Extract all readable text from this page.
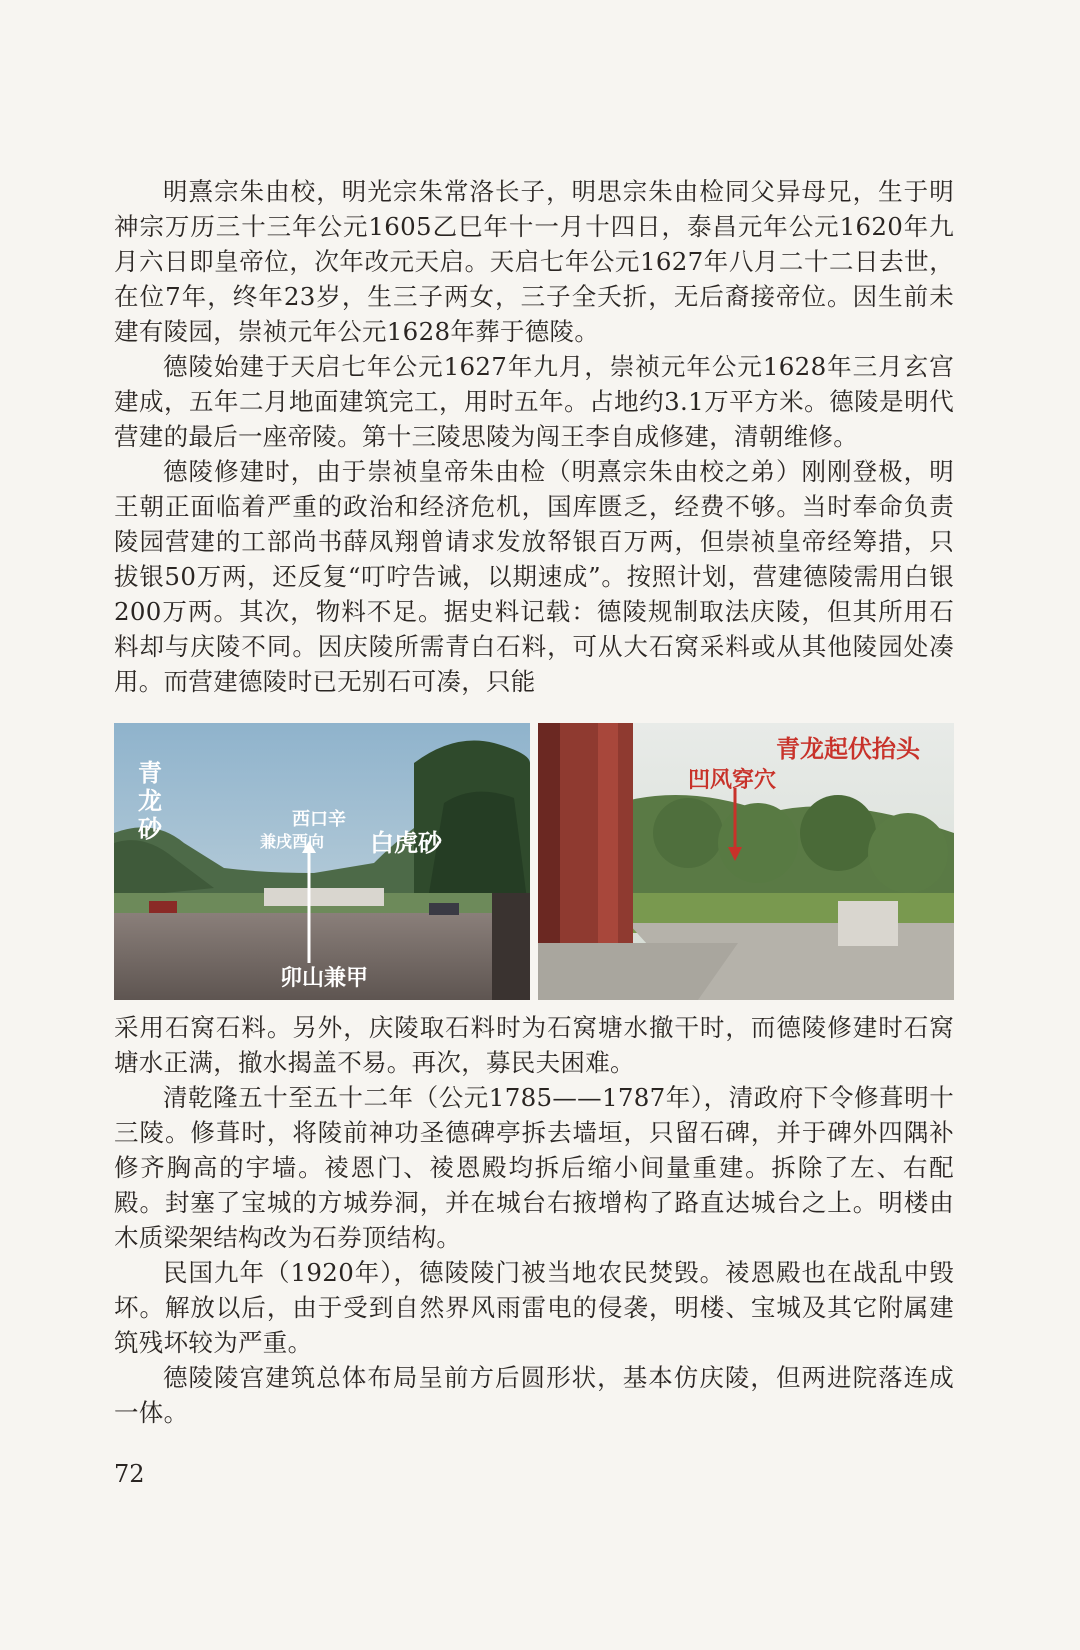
明熹宗朱由校，明光宗朱常洛长子，明思宗朱由检同父异母兄，生于明神宗万历三十三年公元1605乙巳年十一月十四日，泰昌元年公元1620年九月六日即皇帝位，次年改元天启。天启七年公元1627年八月二十二日去世，在位7年，终年23岁，生三子两女，三子全夭折，无后裔接帝位。因生前未建有陵园，崇祯元年公元1628年葬于德陵。

德陵始建于天启七年公元1627年九月，崇祯元年公元1628年三月玄宫建成，五年二月地面建筑完工，用时五年。占地约3.1万平方米。德陵是明代营建的最后一座帝陵。第十三陵思陵为闯王李自成修建，清朝维修。

德陵修建时，由于崇祯皇帝朱由检（明熹宗朱由校之弟）刚刚登极，明王朝正面临着严重的政治和经济危机，国库匮乏，经费不够。当时奉命负责陵园营建的工部尚书薛凤翔曾请求发放帑银百万两，但崇祯皇帝经筹措，只拔银50万两，还反复“叮咛告诫，以期速成”。按照计划，营建德陵需用白银200万两。其次，物料不足。据史料记载：德陵规制取法庆陵，但其所用石料却与庆陵不同。因庆陵所需青白石料，可从大石窝采料或从其他陵园处凑用。而营建德陵时已无别石可凑，只能

青龙砂	白虎砂
西口辛
兼戌酉向
卯山兼甲
青龙起伏抬头
凹风穿穴

采用石窝石料。另外，庆陵取石料时为石窝塘水撤干时，而德陵修建时石窝塘水正满，撤水揭盖不易。再次，募民夫困难。

清乾隆五十至五十二年（公元1785——1787年），清政府下令修葺明十三陵。修葺时，将陵前神功圣德碑亭拆去墙垣，只留石碑，并于碑外四隅补修齐胸高的宇墙。祾恩门、祾恩殿均拆后缩小间量重建。拆除了左、右配殿。封塞了宝城的方城券洞，并在城台右掖增构了路直达城台之上。明楼由木质梁架结构改为石券顶结构。

民国九年（1920年），德陵陵门被当地农民焚毁。祾恩殿也在战乱中毁坏。解放以后，由于受到自然界风雨雷电的侵袭，明楼、宝城及其它附属建筑残坏较为严重。

德陵陵宫建筑总体布局呈前方后圆形状，基本仿庆陵，但两进院落连成一体。

72
